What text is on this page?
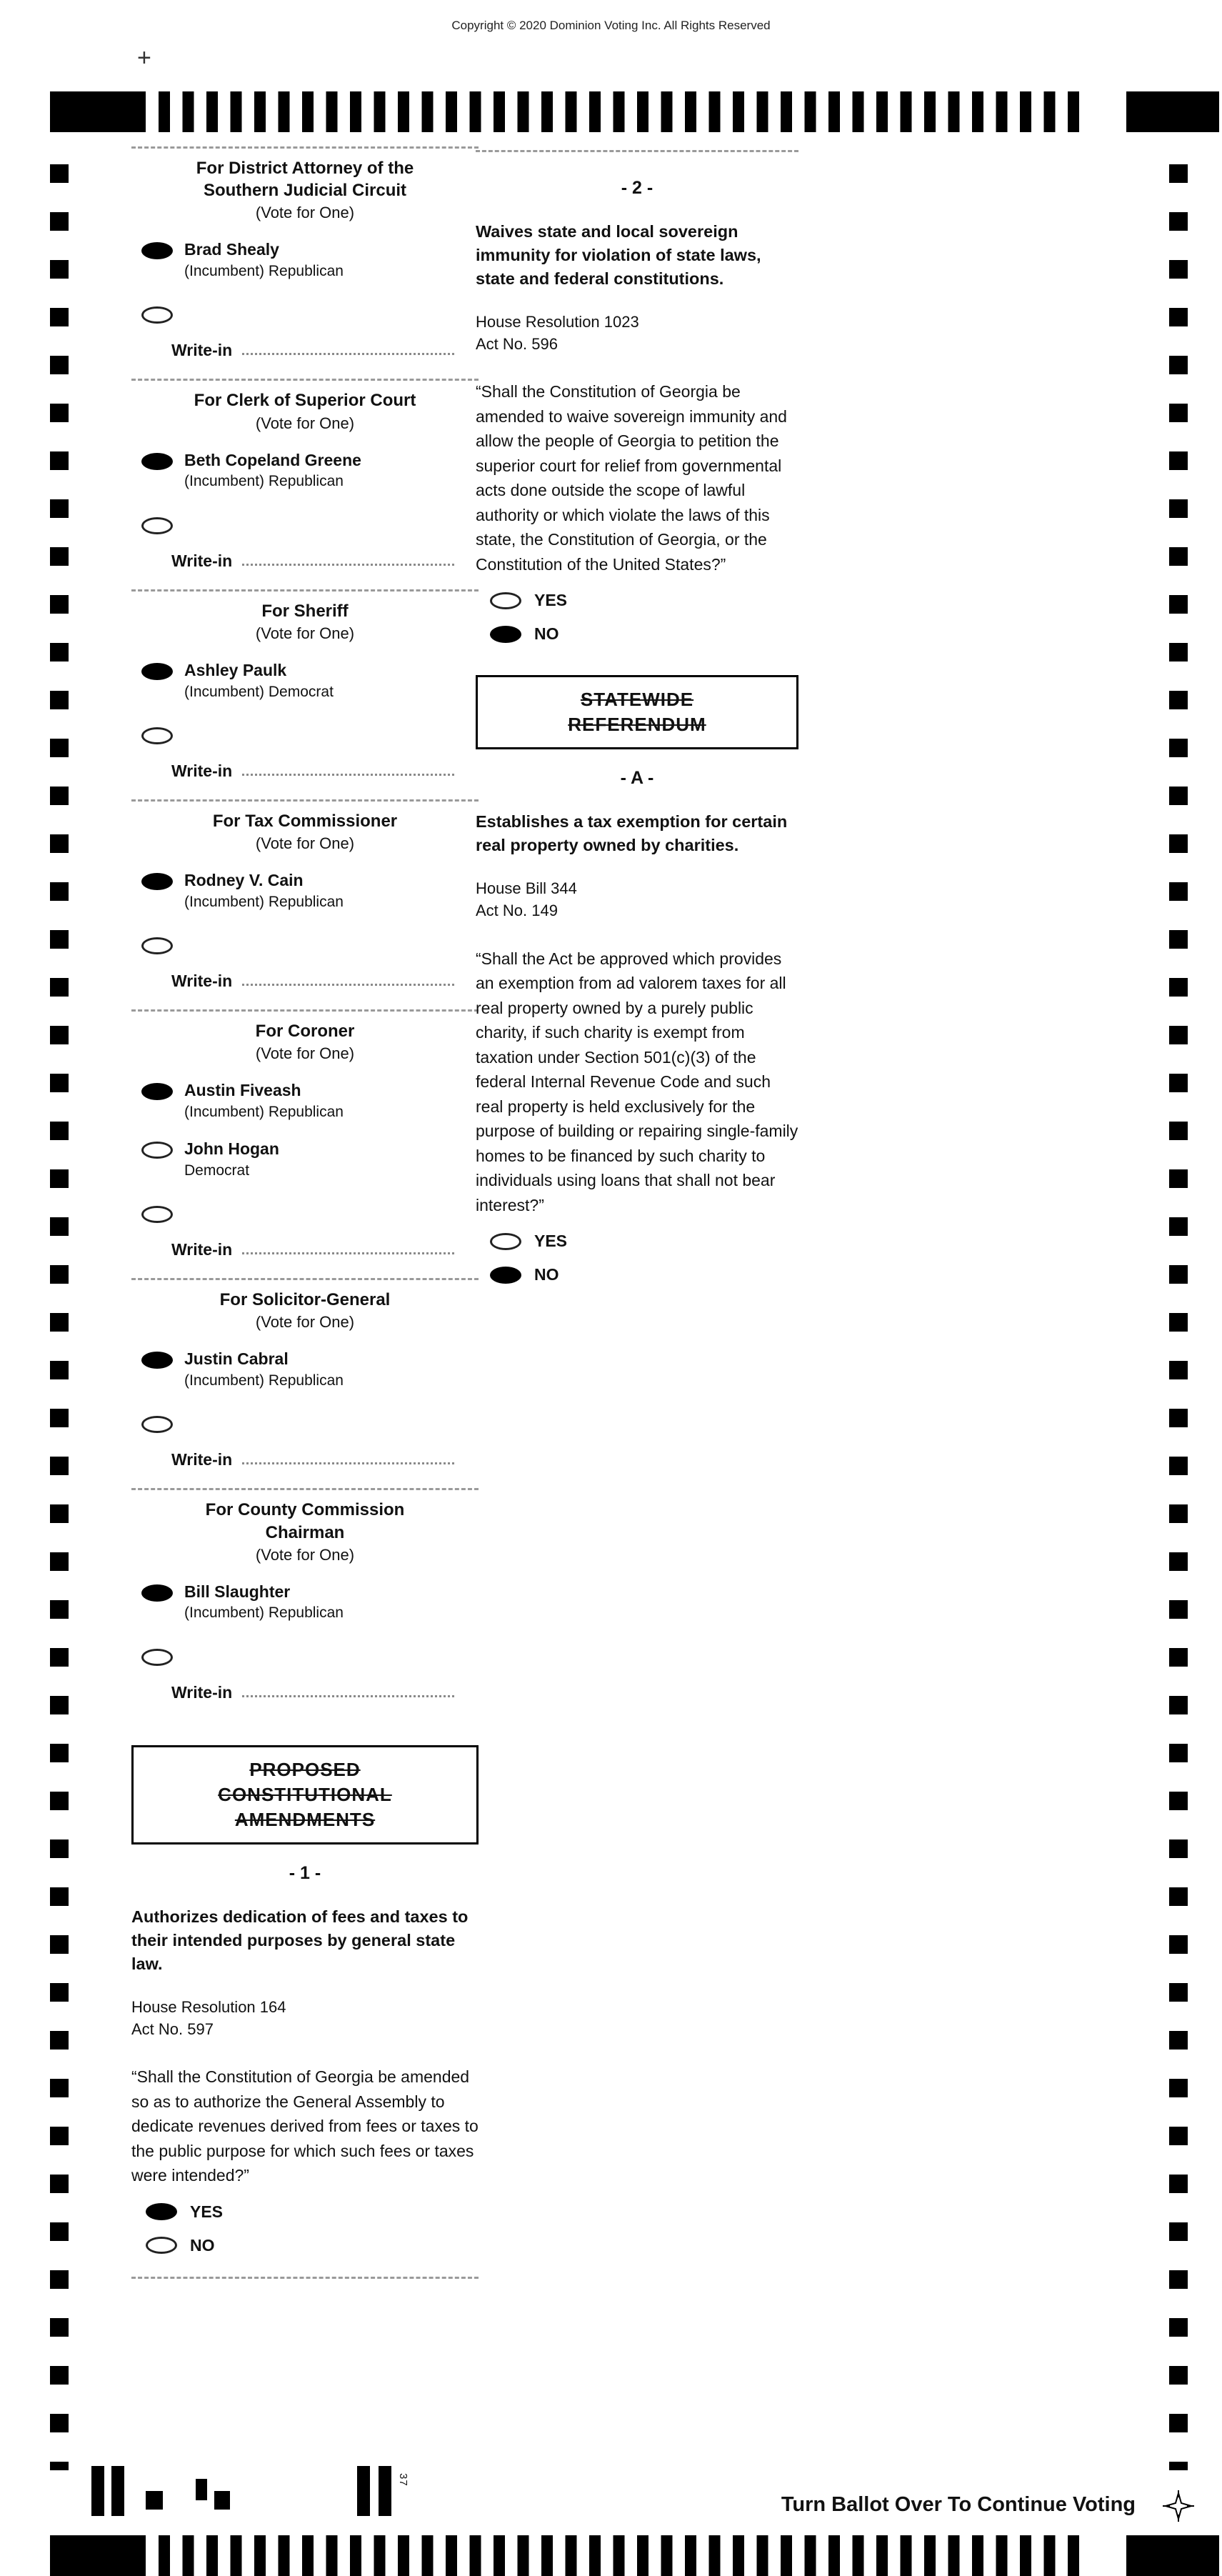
Copyright © 2020 Dominion Voting Inc. All Rights Reserved
+
For District Attorney of the Southern Judicial Circuit
(Vote for One)
Brad Shealy
(Incumbent) Republican
Write-in
For Clerk of Superior Court
(Vote for One)
Beth Copeland Greene
(Incumbent) Republican
Write-in
For Sheriff
(Vote for One)
Ashley Paulk
(Incumbent) Democrat
Write-in
For Tax Commissioner
(Vote for One)
Rodney V. Cain
(Incumbent) Republican
Write-in
For Coroner
(Vote for One)
Austin Fiveash
(Incumbent) Republican
John Hogan
Democrat
Write-in
For Solicitor-General
(Vote for One)
Justin Cabral
(Incumbent) Republican
Write-in
For County Commission Chairman
(Vote for One)
Bill Slaughter
(Incumbent) Republican
Write-in
PROPOSED CONSTITUTIONAL AMENDMENTS
- 1 -
Authorizes dedication of fees and taxes to their intended purposes by general state law.
House Resolution 164
Act No. 597
“Shall the Constitution of Georgia be amended so as to authorize the General Assembly to dedicate revenues derived from fees or taxes to the public purpose for which such fees or taxes were intended?”
YES
NO
- 2 -
Waives state and local sovereign immunity for violation of state laws, state and federal constitutions.
House Resolution 1023
Act No. 596
“Shall the Constitution of Georgia be amended to waive sovereign immunity and allow the people of Georgia to petition the superior court for relief from governmental acts done outside the scope of lawful authority or which violate the laws of this state, the Constitution of Georgia, or the Constitution of the United States?”
YES
NO
STATEWIDE REFERENDUM
- A -
Establishes a tax exemption for certain real property owned by charities.
House Bill 344
Act No. 149
“Shall the Act be approved which provides an exemption from ad valorem taxes for all real property owned by a purely public charity, if such charity is exempt from taxation under Section 501(c)(3) of the federal Internal Revenue Code and such real property is held exclusively for the purpose of building or repairing single-family homes to be financed by such charity to individuals using loans that shall not bear interest?”
YES
NO
37
Turn Ballot Over To Continue Voting
